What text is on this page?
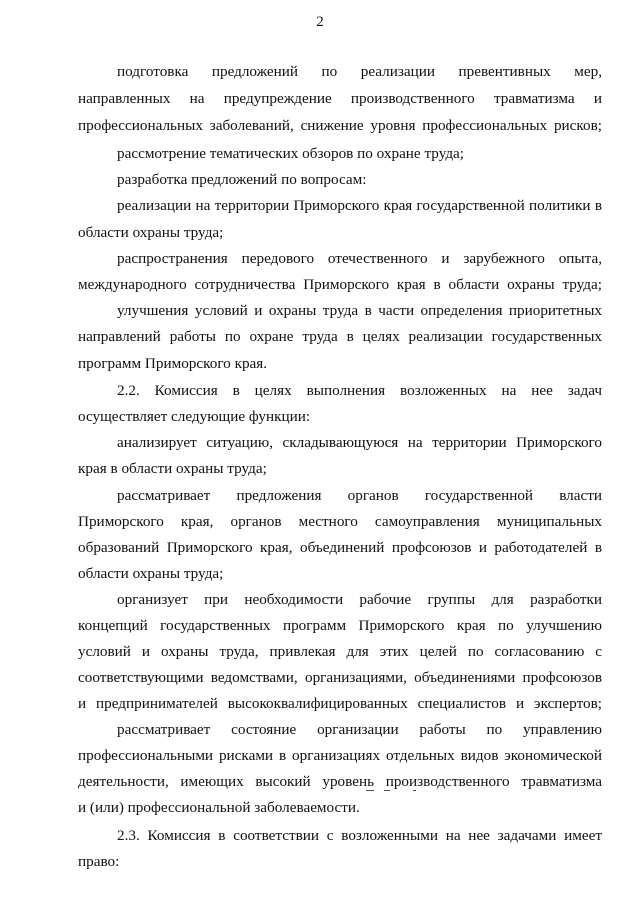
2
подготовка предложений по реализации превентивных мер,
направленных на предупреждение производственного травматизма и
профессиональных заболеваний, снижение уровня профессиональных рисков;
рассмотрение тематических обзоров по охране труда;
разработка предложений по вопросам:
реализации на территории Приморского края государственной политики в
области охраны труда;
распространения передового отечественного и зарубежного опыта,
международного сотрудничества Приморского края в области охраны труда;
улучшения условий и охраны труда в части определения приоритетных
направлений работы по охране труда в целях реализации государственных
программ Приморского края.
2.2. Комиссия в целях выполнения возложенных на нее задач
осуществляет следующие функции:
анализирует ситуацию, складывающуюся на территории Приморского
края в области охраны труда;
рассматривает предложения органов государственной власти
Приморского края, органов местного самоуправления муниципальных
образований Приморского края, объединений профсоюзов и работодателей в
области охраны труда;
организует при необходимости рабочие группы для разработки
концепций государственных программ Приморского края по улучшению
условий и охраны труда, привлекая для этих целей по согласованию с
соответствующими ведомствами, организациями, объединениями профсоюзов
и предпринимателей высококвалифицированных специалистов и экспертов;
рассматривает состояние организации работы по управлению
профессиональными рисками в организациях отдельных видов экономической
деятельности, имеющих высокий уровень производственного травматизма
и (или) профессиональной заболеваемости.
2.3. Комиссия в соответствии с возложенными на нее задачами имеет
право:
